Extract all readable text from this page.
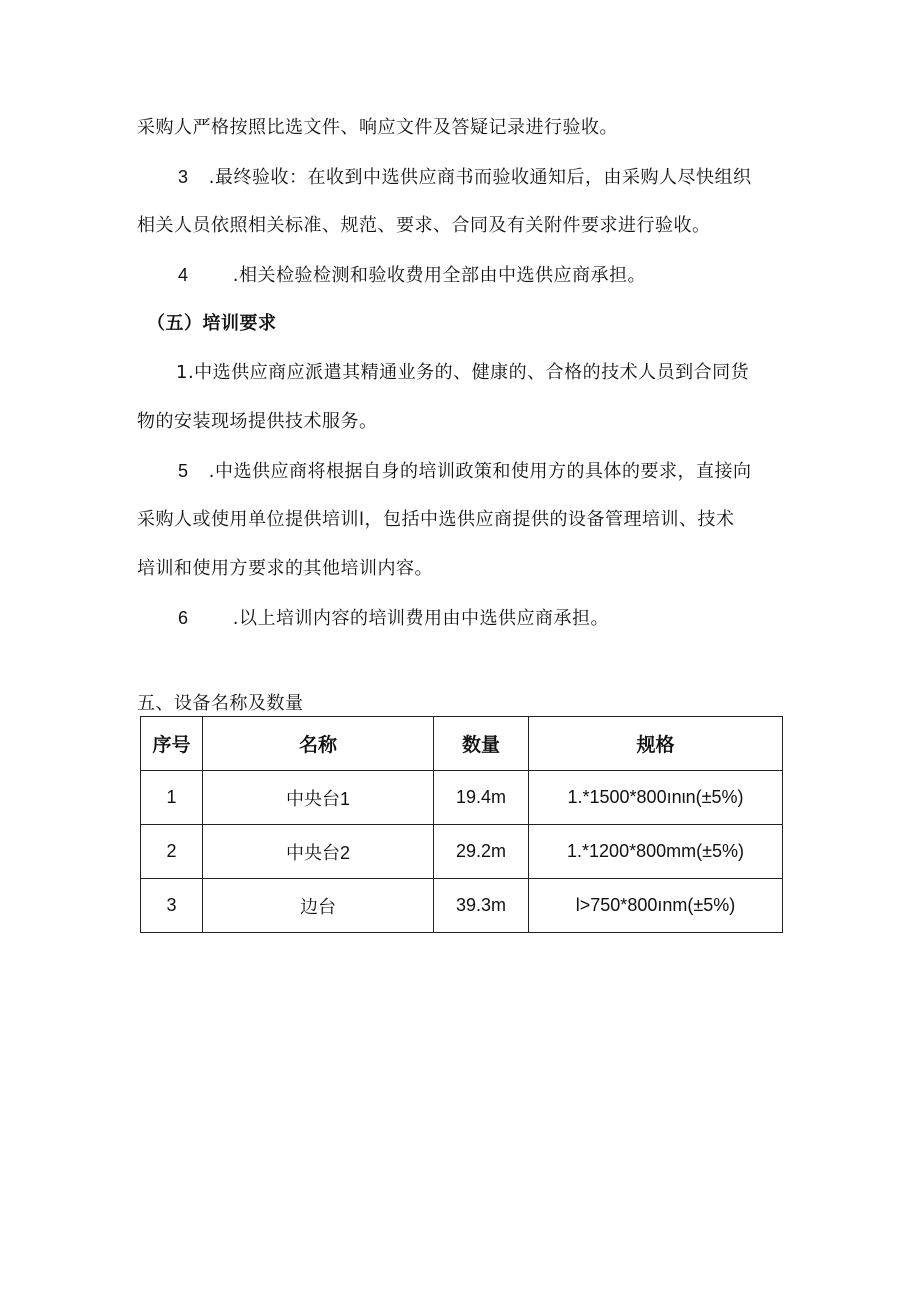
采购人严格按照比选文件、响应文件及答疑记录进行验收。
3 .最终验收：在收到中选供应商书而验收通知后，由采购人尽快组织
相关人员依照相关标准、规范、要求、合同及有关附件要求进行验收。
4 .相关检验检测和验收费用全部由中选供应商承担。
（五）培训要求
1.中选供应商应派遣其精通业务的、健康的、合格的技术人员到合同货
物的安装现场提供技术服务。
5 .中选供应商将根据自身的培训政策和使用方的具体的要求，直接向
采购人或使用单位提供培训l，包括中选供应商提供的设备管理培训、技术
培训和使用方要求的其他培训内容。
6 .以上培训内容的培训费用由中选供应商承担。
五、设备名称及数量
序号	名称	数量	规格
1	中央台1	19.4m	1.*1500*800ınιn(±5%)
2	中央台2	29.2m	1.*1200*800mm(±5%)
3	边台	39.3m	l>750*800ınm(±5%)
